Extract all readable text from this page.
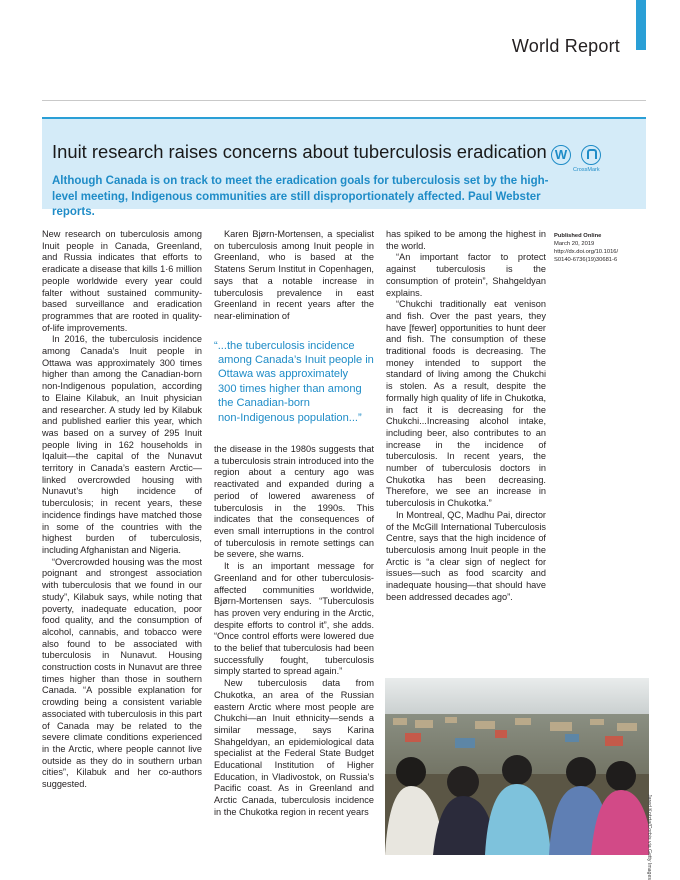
World Report
Inuit research raises concerns about tuberculosis eradication W
CrossMark
Although Canada is on track to meet the eradication goals for tuberculosis set by the high-level meeting, Indigenous communities are still disproportionately affected. Paul Webster reports.

New research on tuberculosis among Inuit people in Canada, Greenland, and Russia indicates that efforts to eradicate a disease that kills 1·6 million people worldwide every year could falter without sustained community-based surveillance and eradication programmes that are rooted in quality-of-life improvements.

In 2016, the tuberculosis incidence among Canada’s Inuit people in Ottawa was approximately 300 times higher than among the Canadian-born non-Indigenous population, according to Elaine Kilabuk, an Inuit physician and researcher. A study led by Kilabuk and published earlier this year, which was based on a survey of 295 Inuit people living in 162 households in Iqaluit—the capital of the Nunavut territory in Canada’s eastern Arctic—linked overcrowded housing with Nunavut’s high incidence of tuberculosis; in recent years, these incidence findings have matched those in some of the countries with the highest burden of tuberculosis, including Afghanistan and Nigeria.

“Overcrowded housing was the most poignant and strongest association with tuberculosis that we found in our study”, Kilabuk says, while noting that poverty, inadequate education, poor food quality, and the consumption of alcohol, cannabis, and tobacco were also found to be associated with tuberculosis in Nunavut. Housing construction costs in Nunavut are three times higher than those in southern Canada. “A possible explanation for crowding being a consistent variable associated with tuberculosis in this part of Canada may be related to the severe climate conditions experienced in the Arctic, where people cannot live outside as they do in southern urban cities”, Kilabuk and her co-authors suggested.

Karen Bjørn-Mortensen, a specialist on tuberculosis among Inuit people in Greenland, who is based at the Statens Serum Institut in Copenhagen, says that a notable increase in tuberculosis prevalence in east Greenland in recent years after the near-elimination of

“...the tuberculosis incidence
among Canada’s Inuit people in
Ottawa was approximately
300 times higher than among
the Canadian-born
non-Indigenous population...”

the disease in the 1980s suggests that a tuberculosis strain introduced into the region about a century ago was reactivated and expanded during a period of lowered awareness of tuberculosis in the 1990s. This indicates that the consequences of even small interruptions in the control of tuberculosis in remote settings can be severe, she warns.

It is an important message for Greenland and for other tuberculosis-affected communities worldwide, Bjørn-Mortensen says. “Tuberculosis has proven very enduring in the Arctic, despite efforts to control it”, she adds. “Once control efforts were lowered due to the belief that tuberculosis had been successfully fought, tuberculosis simply started to spread again.”

New tuberculosis data from Chukotka, an area of the Russian eastern Arctic where most people are Chukchi—an Inuit ethnicity—sends a similar message, says Karina Shahgeldyan, an epidemiological data specialist at the Federal State Budget Educational Institution of Higher Education, in Vladivostok, on Russia’s Pacific coast. As in Greenland and Arctic Canada, tuberculosis incidence in the Chukotka region in recent years

has spiked to be among the highest in the world.

“An important factor to protect against tuberculosis is the consumption of protein”, Shahgeldyan explains.

“Chukchi traditionally eat venison and fish. Over the past years, they have [fewer] opportunities to hunt deer and fish. The consumption of these traditional foods is decreasing. The money intended to support the standard of living among the Chukchi is stolen. As a result, despite the formally high quality of life in Chukotka, in fact it is decreasing for the Chukchi...Increasing alcohol intake, including beer, also contributes to an increase in the incidence of tuberculosis. In recent years, the number of tuberculosis doctors in Chukotka has been decreasing. Therefore, we see an increase in tuberculosis in Chukotka.”

In Montreal, QC, Madhu Pai, director of the McGill International Tuberculosis Centre, says that the high incidence of tuberculosis among Inuit people in the Arctic is “a clear sign of neglect for issues—such as food scarcity and inadequate housing—that should have been addressed decades ago”.

Published Online
March 20, 2019
http://dx.doi.org/10.1016/
S0140-6736(19)30681-6
Jared Kotzta/Corbis via Getty Images
